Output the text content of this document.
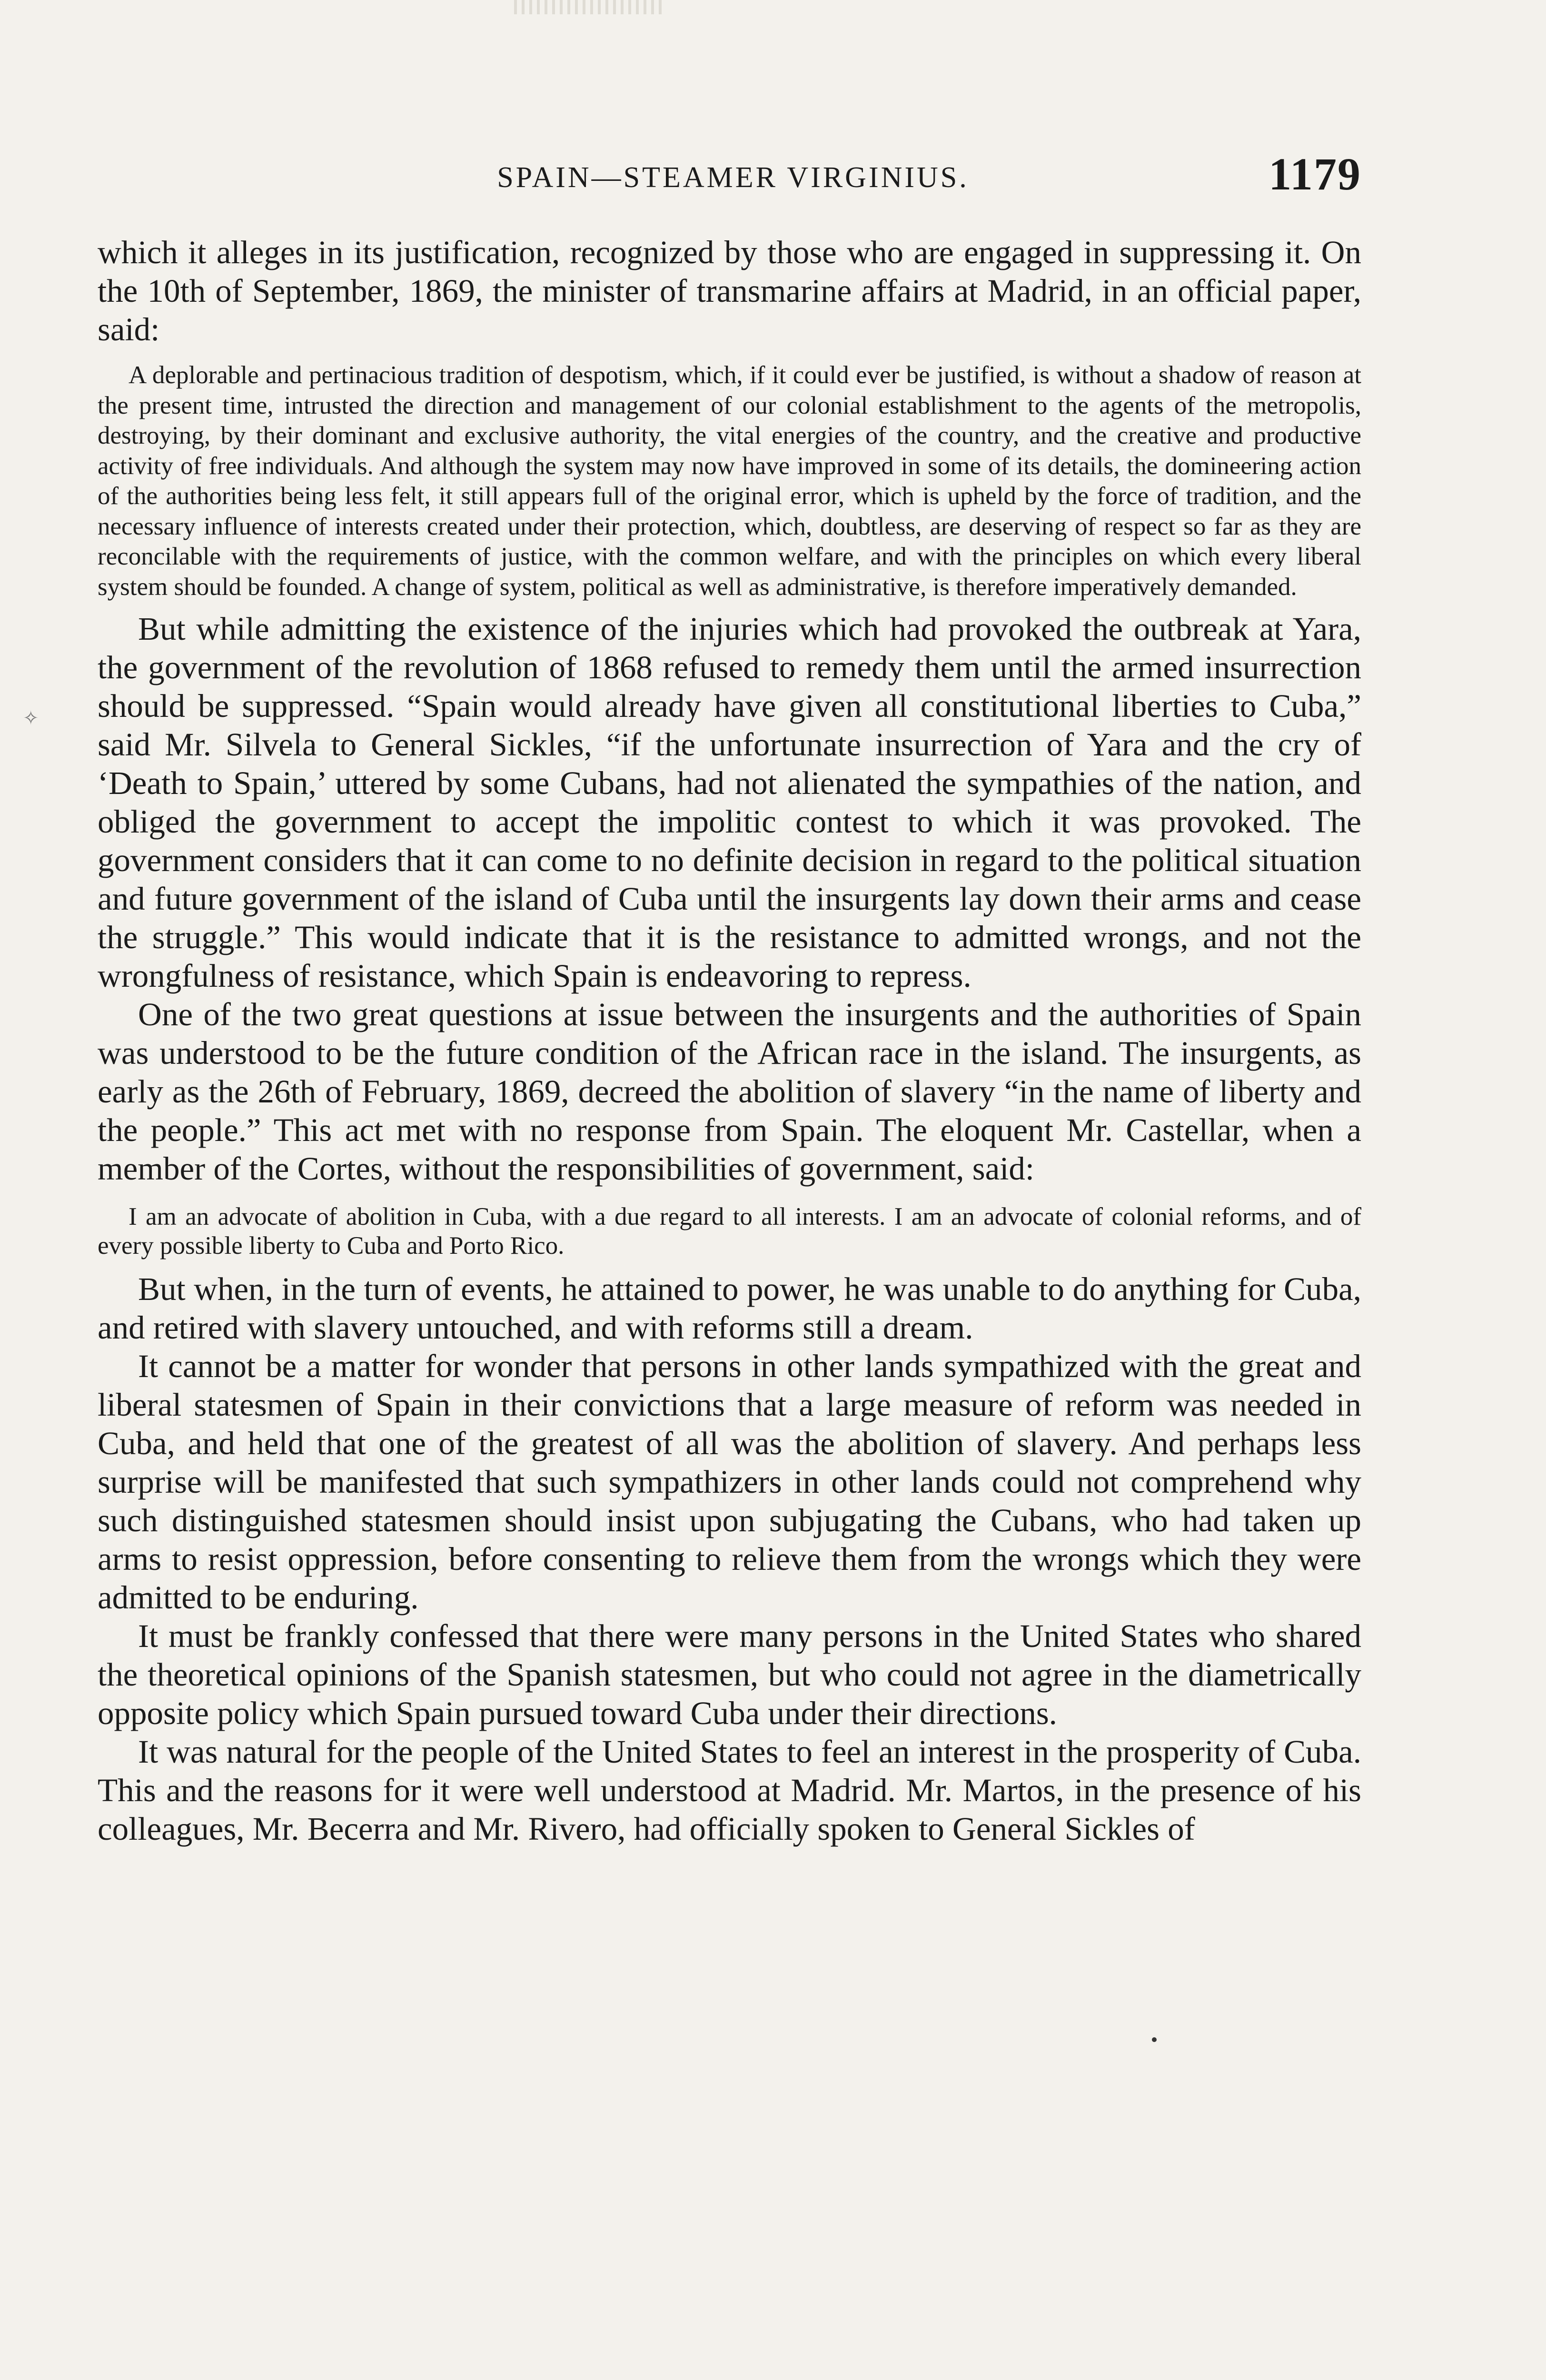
SPAIN—STEAMER VIRGINIUS.	1179
✧

which it alleges in its justification, recognized by those who are engaged in suppressing it. On the 10th of September, 1869, the minister of transmarine affairs at Madrid, in an official paper, said:

A deplorable and pertinacious tradition of despotism, which, if it could ever be justified, is without a shadow of reason at the present time, intrusted the direction and management of our colonial establishment to the agents of the metropolis, destroying, by their dominant and exclusive authority, the vital energies of the country, and the creative and productive activity of free individuals. And although the system may now have improved in some of its details, the domineering action of the authorities being less felt, it still appears full of the original error, which is upheld by the force of tradition, and the necessary influence of interests created under their protection, which, doubtless, are deserving of respect so far as they are reconcilable with the requirements of justice, with the common welfare, and with the principles on which every liberal system should be founded. A change of system, political as well as administrative, is therefore imperatively demanded.

But while admitting the existence of the injuries which had provoked the outbreak at Yara, the government of the revolution of 1868 refused to remedy them until the armed insurrection should be suppressed. “Spain would already have given all constitutional liberties to Cuba,” said Mr. Silvela to General Sickles, “if the unfortunate insurrection of Yara and the cry of ‘Death to Spain,’ uttered by some Cubans, had not alienated the sympathies of the nation, and obliged the government to accept the impolitic contest to which it was provoked. The government considers that it can come to no definite decision in regard to the political situation and future government of the island of Cuba until the insurgents lay down their arms and cease the struggle.” This would indicate that it is the resistance to admitted wrongs, and not the wrongfulness of resistance, which Spain is endeavoring to repress.

One of the two great questions at issue between the insurgents and the authorities of Spain was understood to be the future condition of the African race in the island. The insurgents, as early as the 26th of February, 1869, decreed the abolition of slavery “in the name of liberty and the people.” This act met with no response from Spain. The eloquent Mr. Castellar, when a member of the Cortes, without the responsibilities of government, said:

I am an advocate of abolition in Cuba, with a due regard to all interests. I am an advocate of colonial reforms, and of every possible liberty to Cuba and Porto Rico.

But when, in the turn of events, he attained to power, he was unable to do anything for Cuba, and retired with slavery untouched, and with reforms still a dream.

It cannot be a matter for wonder that persons in other lands sympathized with the great and liberal statesmen of Spain in their convictions that a large measure of reform was needed in Cuba, and held that one of the greatest of all was the abolition of slavery. And perhaps less surprise will be manifested that such sympathizers in other lands could not comprehend why such distinguished statesmen should insist upon subjugating the Cubans, who had taken up arms to resist oppression, before consenting to relieve them from the wrongs which they were admitted to be enduring.

It must be frankly confessed that there were many persons in the United States who shared the theoretical opinions of the Spanish statesmen, but who could not agree in the diametrically opposite policy which Spain pursued toward Cuba under their directions.

It was natural for the people of the United States to feel an interest in the prosperity of Cuba. This and the reasons for it were well understood at Madrid. Mr. Martos, in the presence of his colleagues, Mr. Becerra and Mr. Rivero, had officially spoken to General Sickles of
